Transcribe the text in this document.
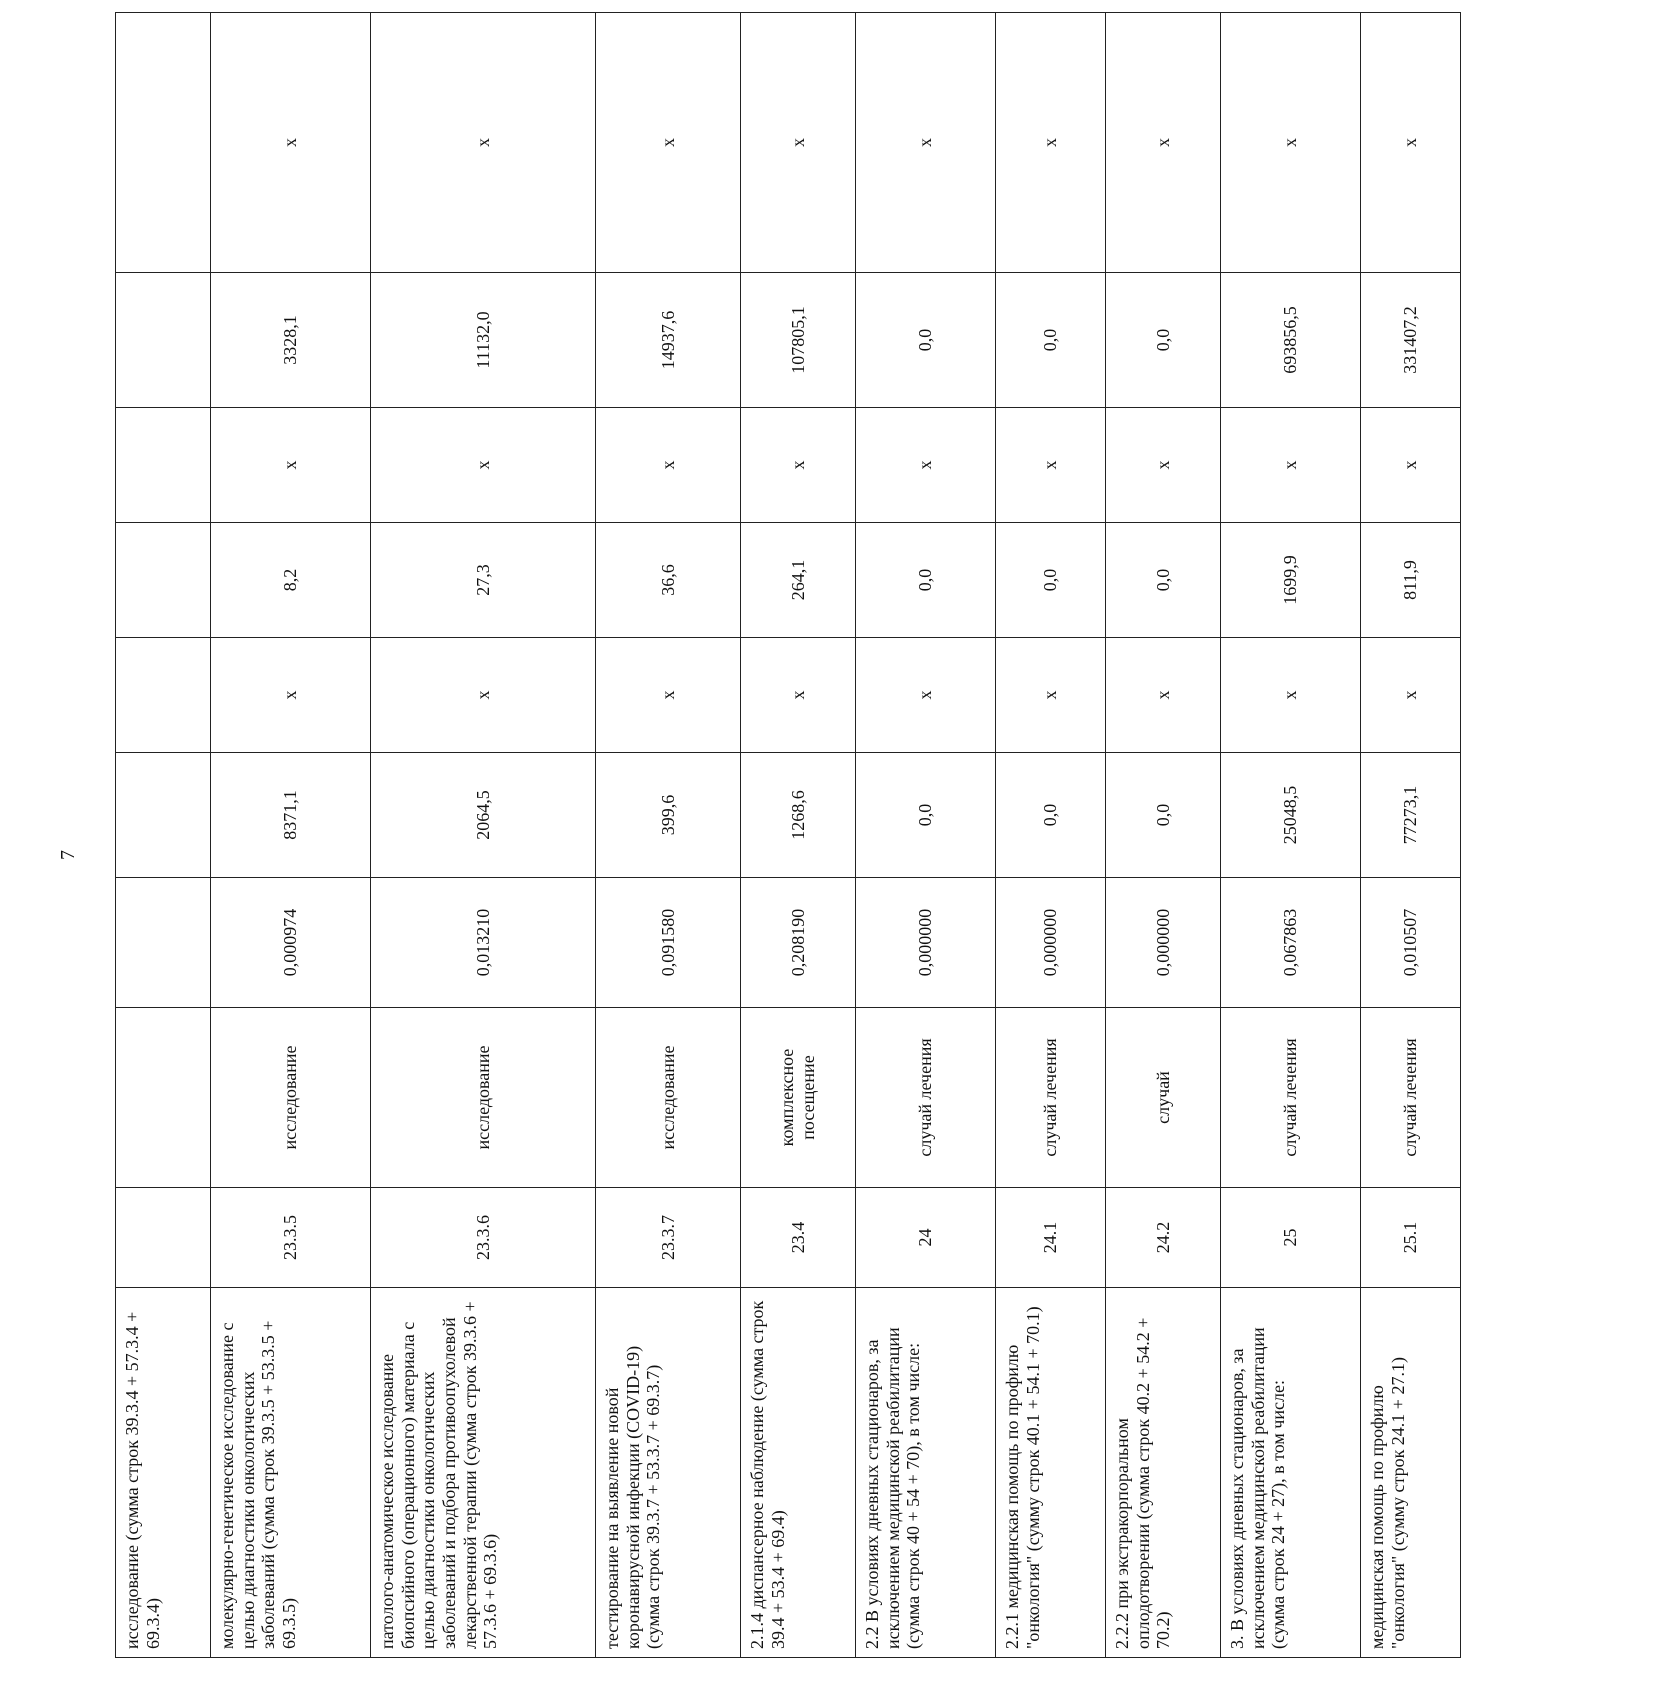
7
исследование (сумма строк 39.3.4 + 57.3.4 + 69.3.4)									
молекулярно-генетическое исследование с целью диагностики онкологических заболеваний (сумма строк 39.3.5 + 53.3.5 + 69.3.5)	23.3.5	исследование	0,000974	8371,1	х	8,2	х	3328,1	х
патолого-анатомическое исследование биопсийного (операционного) материала с целью диагностики онкологических заболеваний и подбора противоопухолевой лекарственной терапии (сумма строк 39.3.6 + 57.3.6 + 69.3.6)	23.3.6	исследование	0,013210	2064,5	х	27,3	х	11132,0	х
тестирование на выявление новой коронавирусной инфекции (COVID-19) (сумма строк 39.3.7 + 53.3.7 + 69.3.7)	23.3.7	исследование	0,091580	399,6	х	36,6	х	14937,6	х
2.1.4 диспансерное наблюдение (сумма строк 39.4 + 53.4 + 69.4)	23.4	комплексное посещение	0,208190	1268,6	х	264,1	х	107805,1	х
2.2 В условиях дневных стационаров, за исключением медицинской реабилитации (сумма строк 40 + 54 + 70), в том числе:	24	случай лечения	0,000000	0,0	х	0,0	х	0,0	х
2.2.1 медицинская помощь по профилю "онкология" (сумму строк 40.1 + 54.1 + 70.1)	24.1	случай лечения	0,000000	0,0	х	0,0	х	0,0	х
2.2.2 при экстракорпоральном оплодотворении (сумма строк 40.2 + 54.2 + 70.2)	24.2	случай	0,000000	0,0	х	0,0	х	0,0	х
3. В условиях дневных стационаров, за исключением медицинской реабилитации (сумма строк 24 + 27), в том числе:	25	случай лечения	0,067863	25048,5	х	1699,9	х	693856,5	х
медицинская помощь по профилю "онкология" (сумму строк 24.1 + 27.1)	25.1	случай лечения	0,010507	77273,1	х	811,9	х	331407,2	х
